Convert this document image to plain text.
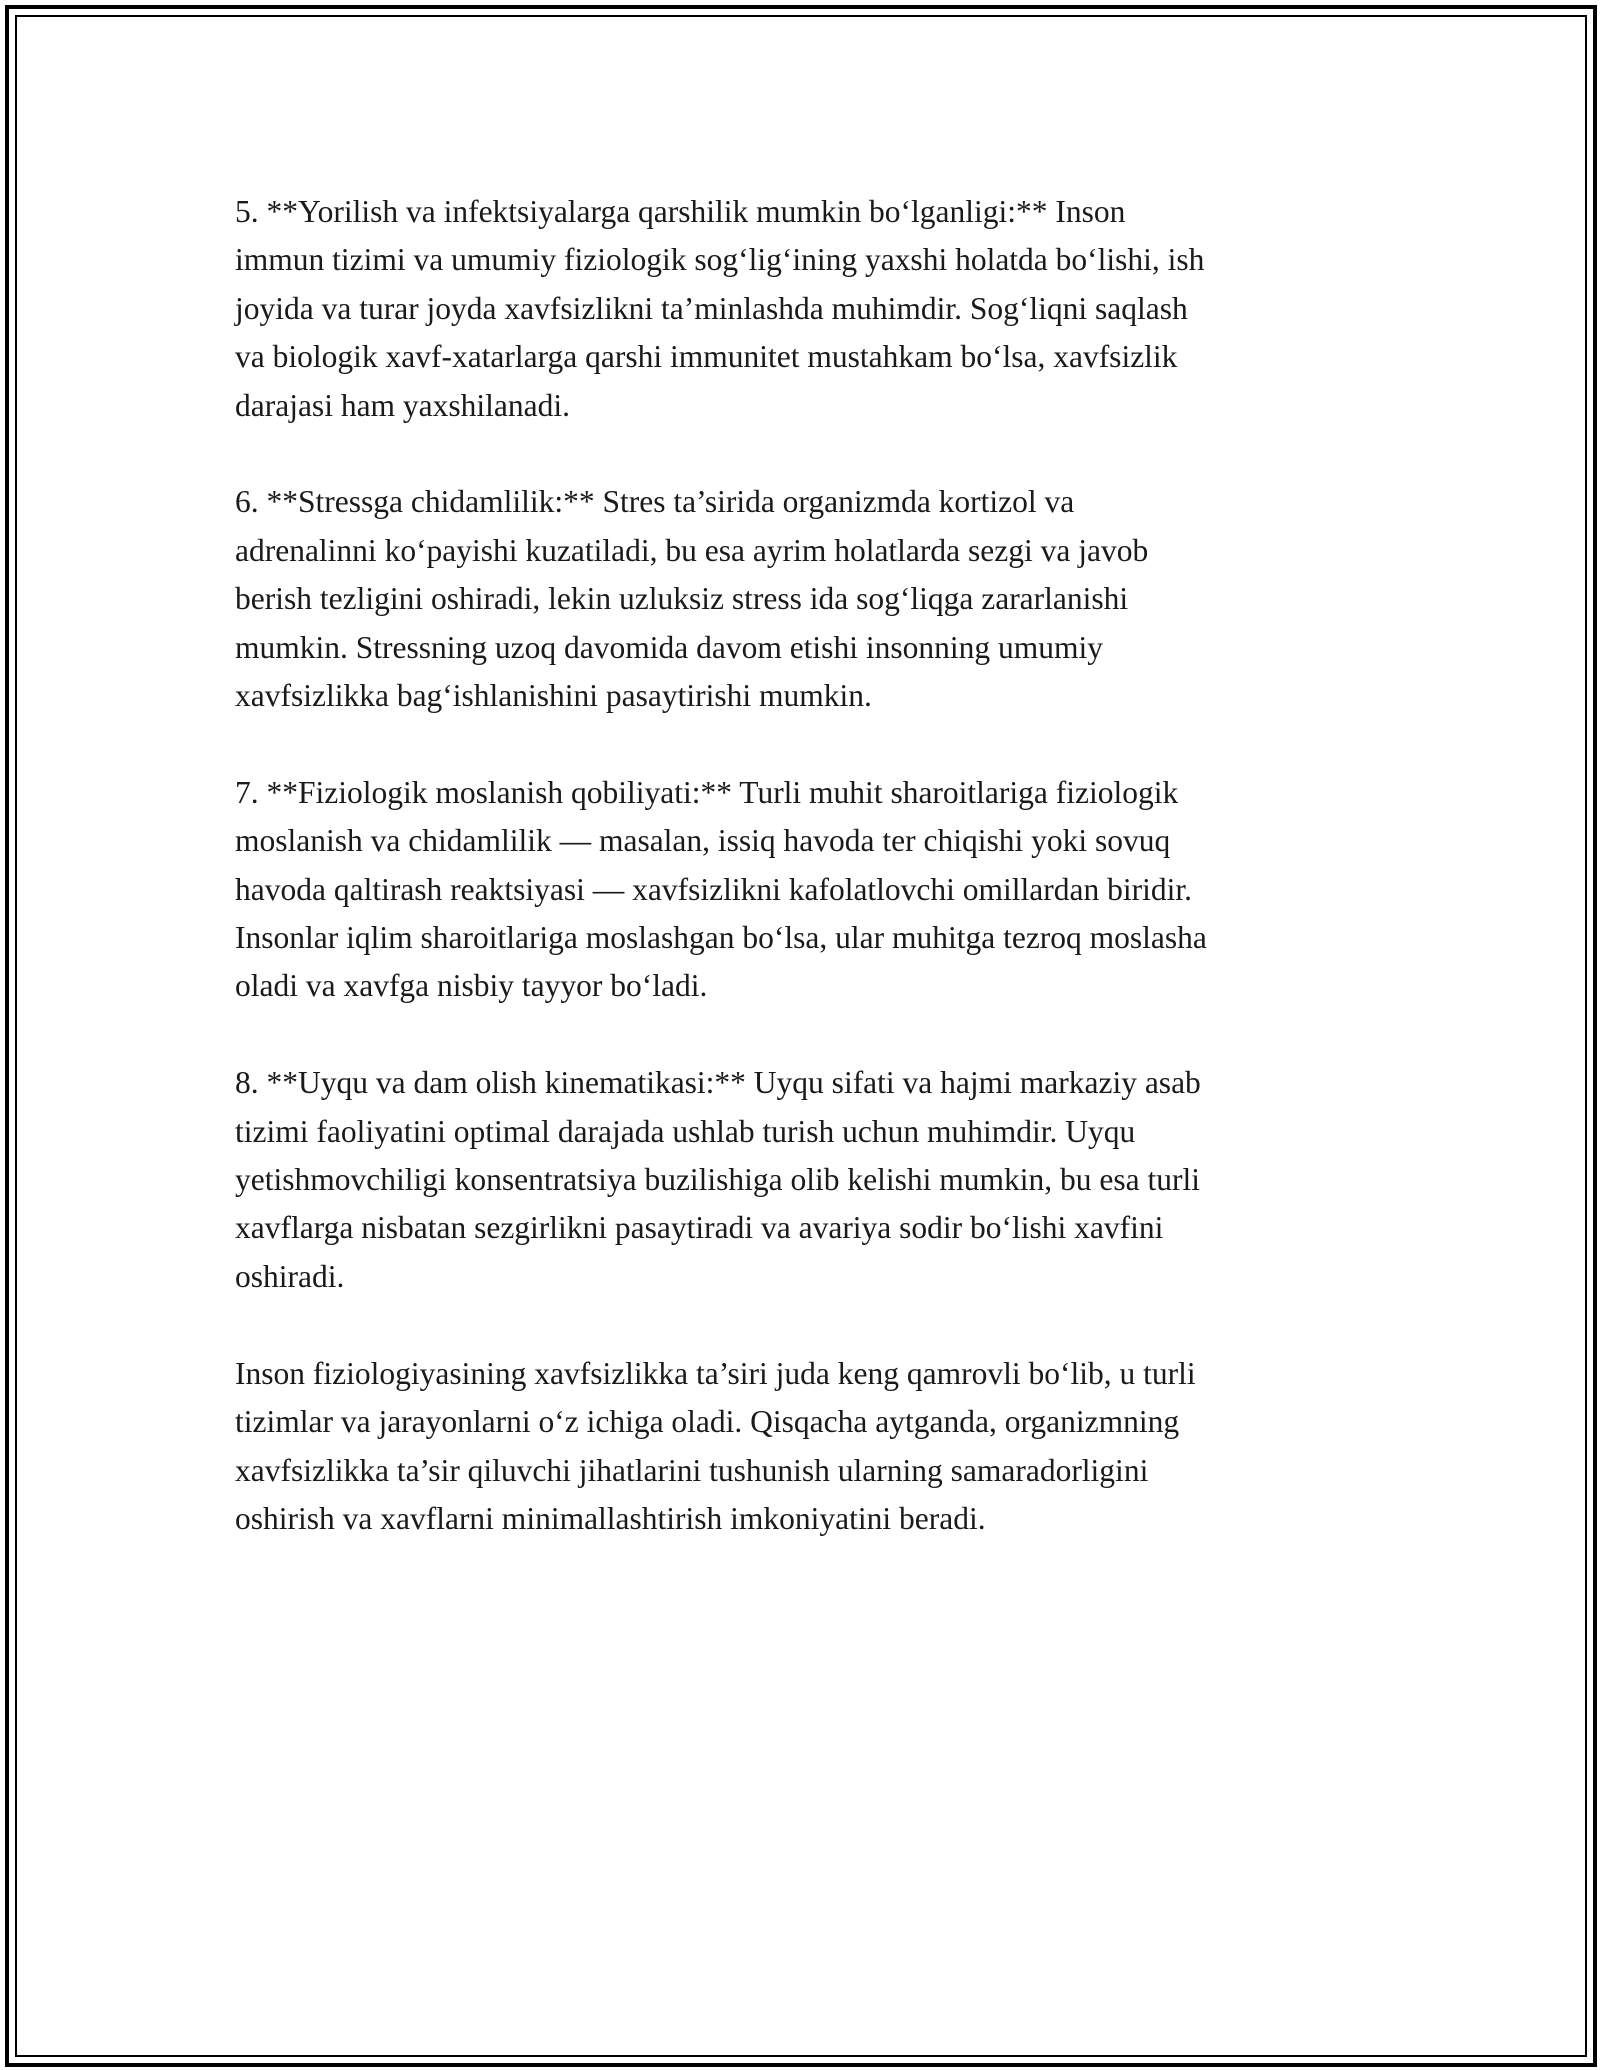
5. **Yorilish va infektsiyalarga qarshilik mumkin bo‘lganligi:** Inson
immun tizimi va umumiy fiziologik sog‘lig‘ining yaxshi holatda bo‘lishi, ish
joyida va turar joyda xavfsizlikni ta’minlashda muhimdir. Sog‘liqni saqlash
va biologik xavf-xatarlarga qarshi immunitet mustahkam bo‘lsa, xavfsizlik
darajasi ham yaxshilanadi.

6. **Stressga chidamlilik:** Stres ta’sirida organizmda kortizol va
adrenalinni ko‘payishi kuzatiladi, bu esa ayrim holatlarda sezgi va javob
berish tezligini oshiradi, lekin uzluksiz stress ida sog‘liqga zararlanishi
mumkin. Stressning uzoq davomida davom etishi insonning umumiy
xavfsizlikka bag‘ishlanishini pasaytirishi mumkin.

7. **Fiziologik moslanish qobiliyati:** Turli muhit sharoitlariga fiziologik
moslanish va chidamlilik — masalan, issiq havoda ter chiqishi yoki sovuq
havoda qaltirash reaktsiyasi — xavfsizlikni kafolatlovchi omillardan biridir.
Insonlar iqlim sharoitlariga moslashgan bo‘lsa, ular muhitga tezroq moslasha
oladi va xavfga nisbiy tayyor bo‘ladi.

8. **Uyqu va dam olish kinematikasi:** Uyqu sifati va hajmi markaziy asab
tizimi faoliyatini optimal darajada ushlab turish uchun muhimdir. Uyqu
yetishmovchiligi konsentratsiya buzilishiga olib kelishi mumkin, bu esa turli
xavflarga nisbatan sezgirlikni pasaytiradi va avariya sodir bo‘lishi xavfini
oshiradi.

Inson fiziologiyasining xavfsizlikka ta’siri juda keng qamrovli bo‘lib, u turli
tizimlar va jarayonlarni o‘z ichiga oladi. Qisqacha aytganda, organizmning
xavfsizlikka ta’sir qiluvchi jihatlarini tushunish ularning samaradorligini
oshirish va xavflarni minimallashtirish imkoniyatini beradi.
